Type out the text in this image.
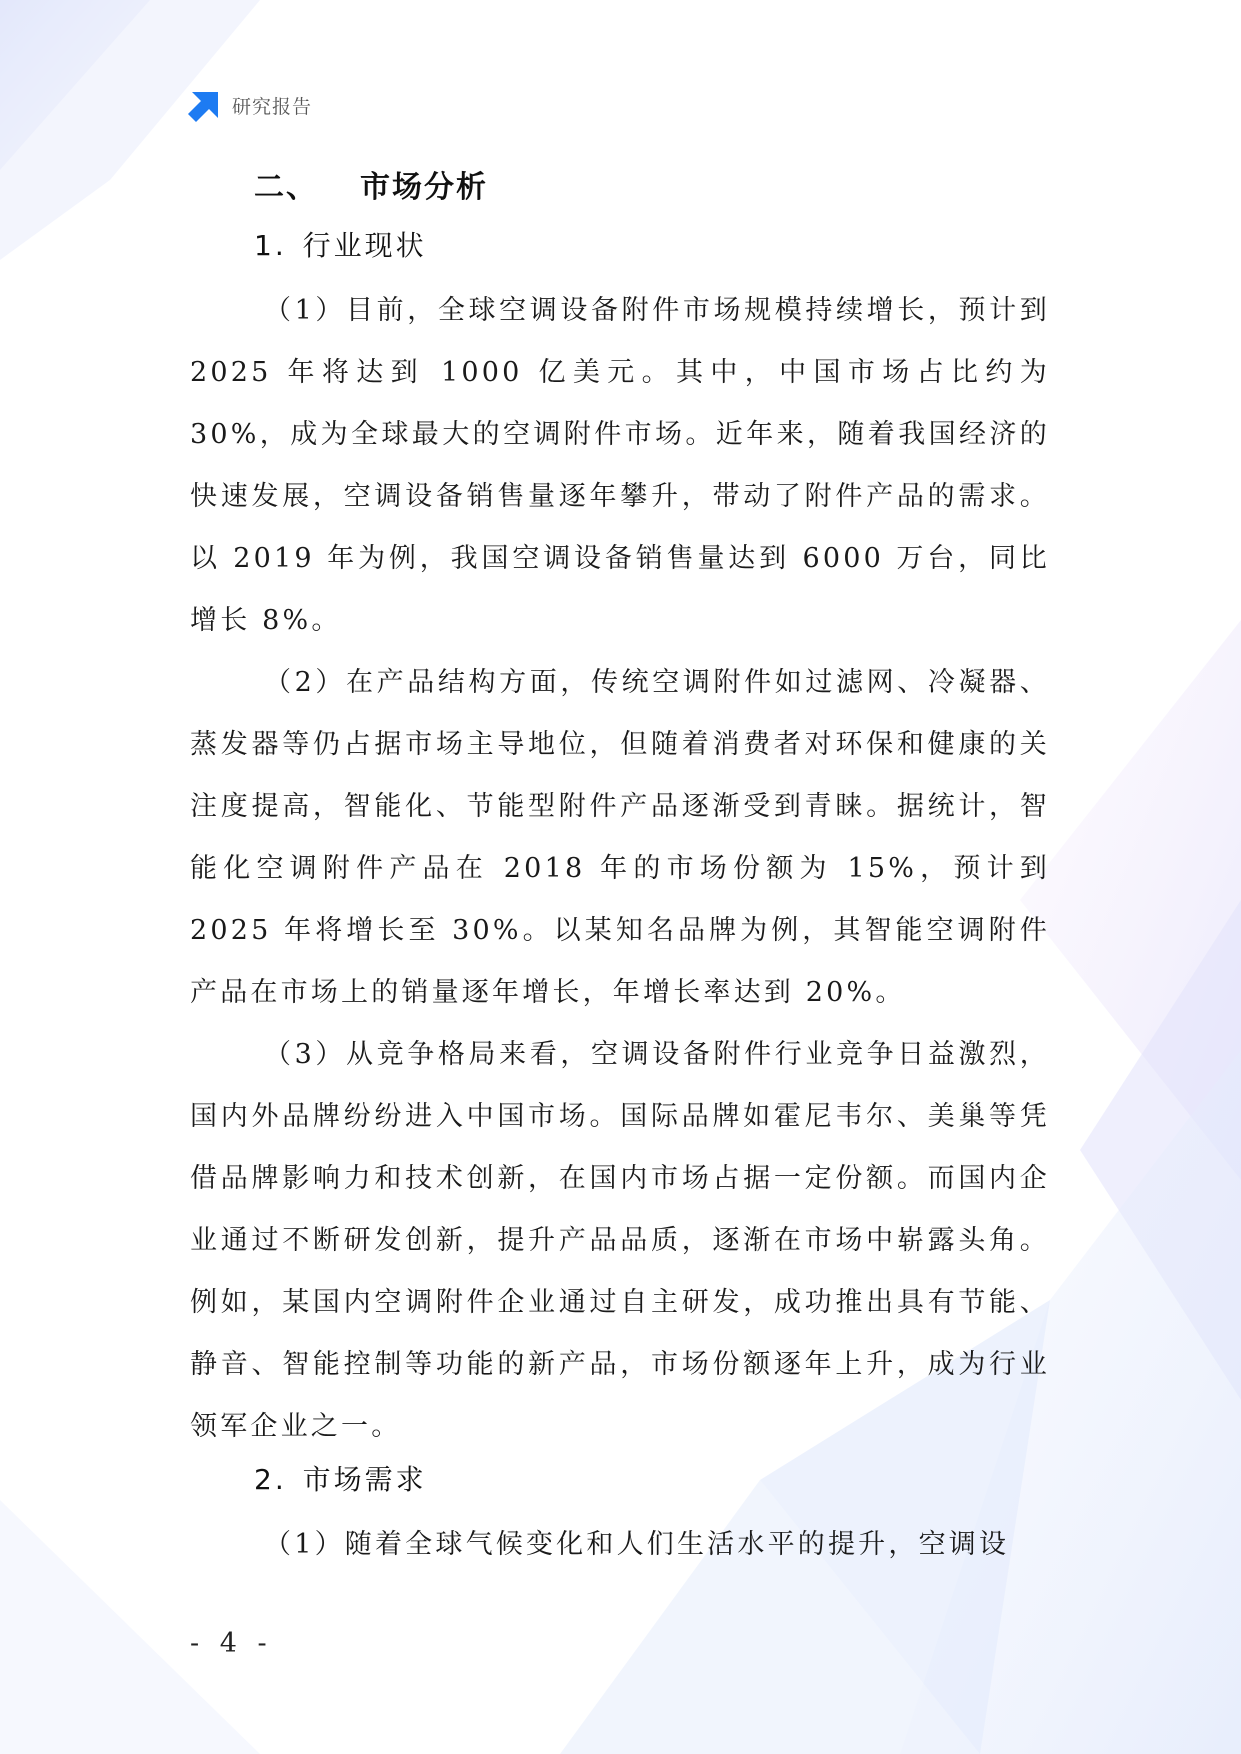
研究报告
二、 市场分析
1. 行业现状

（1）目前，全球空调设备附件市场规模持续增长，预计到 2025 年将达到 1000 亿美元。其中，中国市场占比约为 30%，成为全球最大的空调附件市场。近年来，随着我国经济的快速发展，空调设备销售量逐年攀升，带动了附件产品的需求。以 2019 年为例，我国空调设备销售量达到 6000 万台，同比增长 8%。

（2）在产品结构方面，传统空调附件如过滤网、冷凝器、蒸发器等仍占据市场主导地位，但随着消费者对环保和健康的关注度提高，智能化、节能型附件产品逐渐受到青睐。据统计，智能化空调附件产品在 2018 年的市场份额为 15%，预计到 2025 年将增长至 30%。以某知名品牌为例，其智能空调附件产品在市场上的销量逐年增长，年增长率达到 20%。

（3）从竞争格局来看，空调设备附件行业竞争日益激烈，国内外品牌纷纷进入中国市场。国际品牌如霍尼韦尔、美巢等凭借品牌影响力和技术创新，在国内市场占据一定份额。而国内企业通过不断研发创新，提升产品品质，逐渐在市场中崭露头角。例如，某国内空调附件企业通过自主研发，成功推出具有节能、静音、智能控制等功能的新产品，市场份额逐年上升，成为行业领军企业之一。

2. 市场需求

（1）随着全球气候变化和人们生活水平的提升，空调设

- 4 -
